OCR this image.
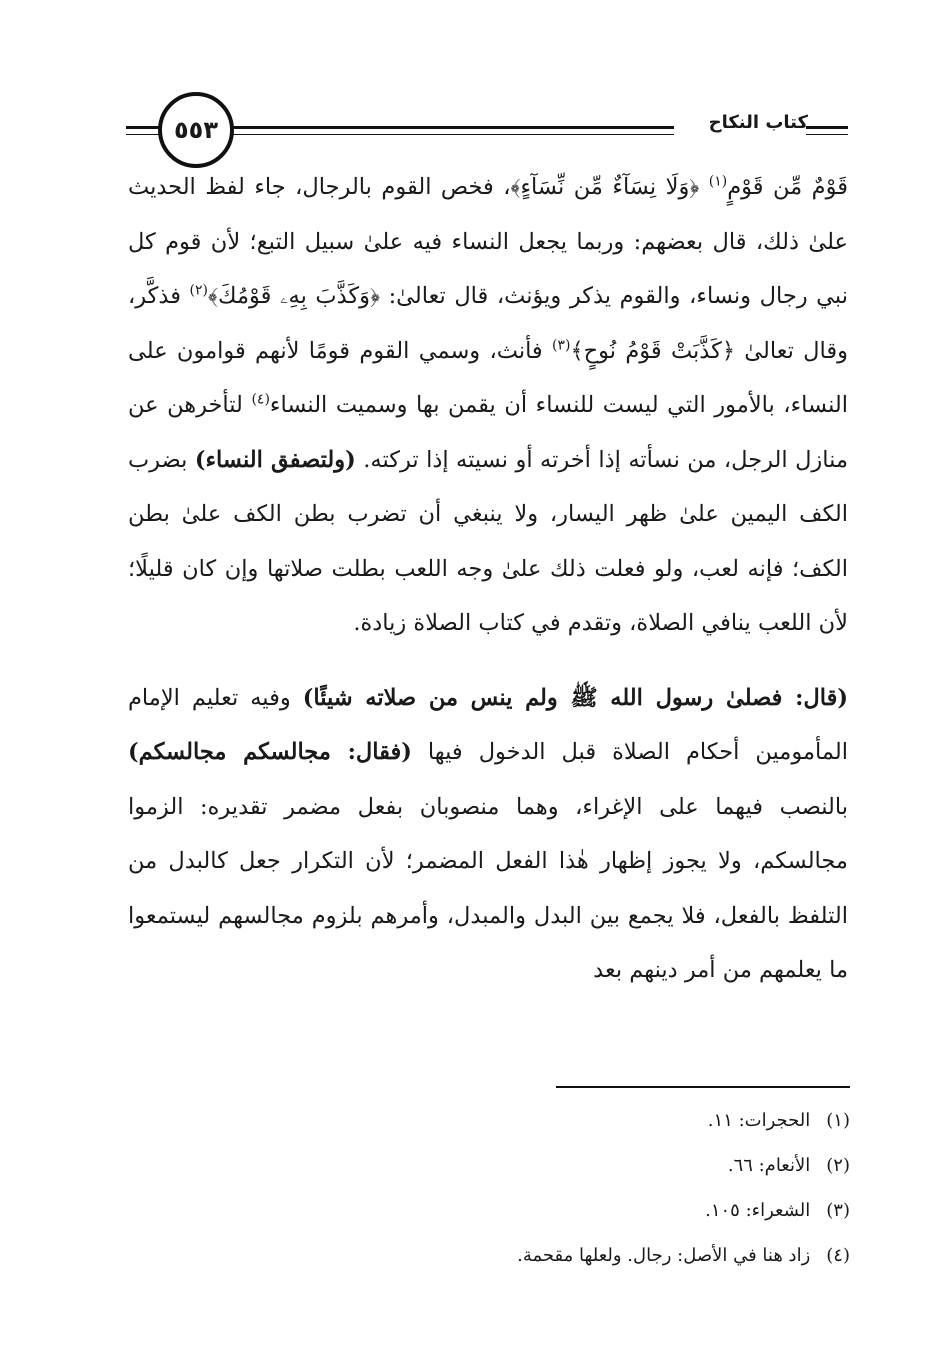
٥٥٣	كتاب النكاح

قَوْمٌ مِّن قَوْمٍ$^{(١)}$ ﴿وَلَا نِسَآءٌ مِّن نِّسَآءٍ﴾، فخص القوم بالرجال، جاء لفظ الحديث علىٰ ذلك، قال بعضهم: وربما يجعل النساء فيه علىٰ سبيل التبع؛ لأن قوم كل نبي رجال ونساء، والقوم يذكر ويؤنث، قال تعالىٰ: ﴿وَكَذَّبَ بِهِۦ قَوْمُكَ﴾$^{(٢)}$ فذكَّر، وقال تعالىٰ ﴿كَذَّبَتْ قَوْمُ نُوحٍ﴾$^{(٣)}$ فأنث، وسمي القوم قومًا لأنهم قوامون على النساء، بالأمور التي ليست للنساء أن يقمن بها وسميت النساء$^{(٤)}$ لتأخرهن عن منازل الرجل، من نسأته إذا أخرته أو نسيته إذا تركته. (ولتصفق النساء) بضرب الكف اليمين علىٰ ظهر اليسار، ولا ينبغي أن تضرب بطن الكف علىٰ بطن الكف؛ فإنه لعب، ولو فعلت ذلك علىٰ وجه اللعب بطلت صلاتها وإن كان قليلًا؛ لأن اللعب ينافي الصلاة، وتقدم في كتاب الصلاة زيادة.

(قال: فصلىٰ رسول الله ﷺ ولم ينس من صلاته شيئًا) وفيه تعليم الإمام المأمومين أحكام الصلاة قبل الدخول فيها (فقال: مجالسكم مجالسكم) بالنصب فيهما على الإغراء، وهما منصوبان بفعل مضمر تقديره: الزموا مجالسكم، ولا يجوز إظهار هٰذا الفعل المضمر؛ لأن التكرار جعل كالبدل من التلفظ بالفعل، فلا يجمع بين البدل والمبدل، وأمرهم بلزوم مجالسهم ليستمعوا ما يعلمهم من أمر دينهم بعد

(١) الحجرات: ١١.
(٢) الأنعام: ٦٦.
(٣) الشعراء: ١٠٥.
(٤) زاد هنا في الأصل: رجال. ولعلها مقحمة.
